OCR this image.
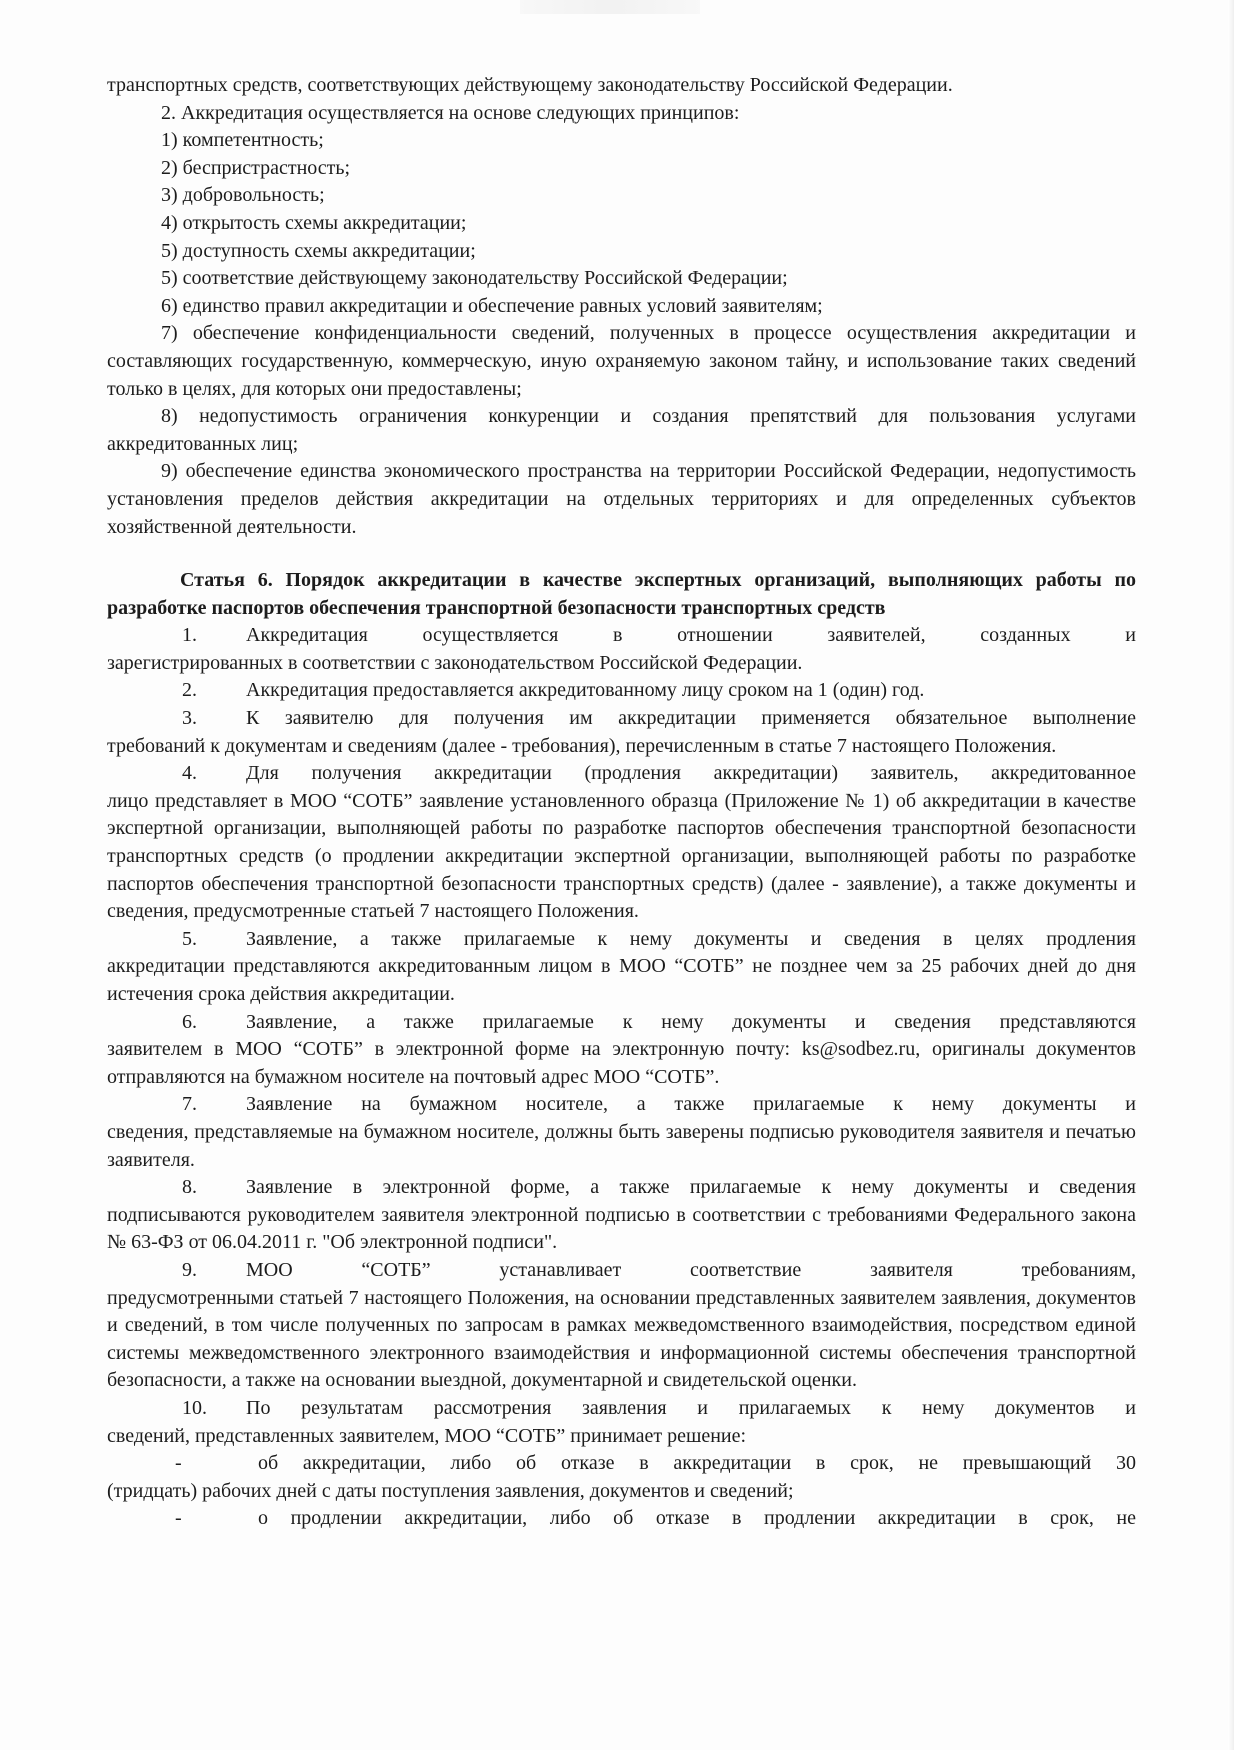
транспортных средств, соответствующих действующему законодательству Российской Федерации.

2. Аккредитация осуществляется на основе следующих принципов:

1) компетентность;

2) беспристрастность;

3) добровольность;

4) открытость схемы аккредитации;

5) доступность схемы аккредитации;

5) соответствие действующему законодательству Российской Федерации;

6) единство правил аккредитации и обеспечение равных условий заявителям;

7) обеспечение конфиденциальности сведений, полученных в процессе осуществления аккредитации и составляющих государственную, коммерческую, иную охраняемую законом тайну, и использование таких сведений только в целях, для которых они предоставлены;

8) недопустимость ограничения конкуренции и создания препятствий для пользования услугами аккредитованных лиц;

9) обеспечение единства экономического пространства на территории Российской Федерации, недопустимость установления пределов действия аккредитации на отдельных территориях и для определенных субъектов хозяйственной деятельности.

Статья 6. Порядок аккредитации в качестве экспертных организаций, выполняющих работы по разработке паспортов обеспечения транспортной безопасности транспортных средств

1.	Аккредитация осуществляется в отношении заявителей, созданных и

зарегистрированных в соответствии с законодательством Российской Федерации.

2.	Аккредитация предоставляется аккредитованному лицу сроком на 1 (один) год.
3.	К заявителю для получения им аккредитации применяется обязательное выполнение

требований к документам и сведениям (далее - требования), перечисленным в статье 7 настоящего Положения.

4.	Для получения аккредитации (продления аккредитации) заявитель, аккредитованное

лицо представляет в МОО “СОТБ” заявление установленного образца (Приложение № 1) об аккредитации в качестве экспертной организации, выполняющей работы по разработке паспортов обеспечения транспортной безопасности транспортных средств (о продлении аккредитации экспертной организации, выполняющей работы по разработке паспортов обеспечения транспортной безопасности транспортных средств) (далее - заявление), а также документы и сведения, предусмотренные статьей 7 настоящего Положения.

5.	Заявление, а также прилагаемые к нему документы и сведения в целях продления

аккредитации представляются аккредитованным лицом в МОО “СОТБ” не позднее чем за 25 рабочих дней до дня истечения срока действия аккредитации.

6.	Заявление, а также прилагаемые к нему документы и сведения представляются

заявителем в МОО “СОТБ” в электронной форме на электронную почту: ks@sodbez.ru, оригиналы документов отправляются на бумажном носителе на почтовый адрес МОО “СОТБ”.

7.	Заявление на бумажном носителе, а также прилагаемые к нему документы и

сведения, представляемые на бумажном носителе, должны быть заверены подписью руководителя заявителя и печатью заявителя.

8.	Заявление в электронной форме, а также прилагаемые к нему документы и сведения

подписываются руководителем заявителя электронной подписью в соответствии с требованиями Федерального закона № 63-ФЗ от 06.04.2011 г. "Об электронной подписи".

9.	МОО “СОТБ” устанавливает соответствие заявителя требованиям,

предусмотренными статьей 7 настоящего Положения, на основании представленных заявителем заявления, документов и сведений, в том числе полученных по запросам в рамках межведомственного взаимодействия, посредством единой системы межведомственного электронного взаимодействия и информационной системы обеспечения транспортной безопасности, а также на основании выездной, документарной и свидетельской оценки.

10.	По результатам рассмотрения заявления и прилагаемых к нему документов и

сведений, представленных заявителем, МОО “СОТБ” принимает решение:

-	об аккредитации, либо об отказе в аккредитации в срок, не превышающий 30

(тридцать) рабочих дней с даты поступления заявления, документов и сведений;

-	о продлении аккредитации, либо об отказе в продлении аккредитации в срок, не
